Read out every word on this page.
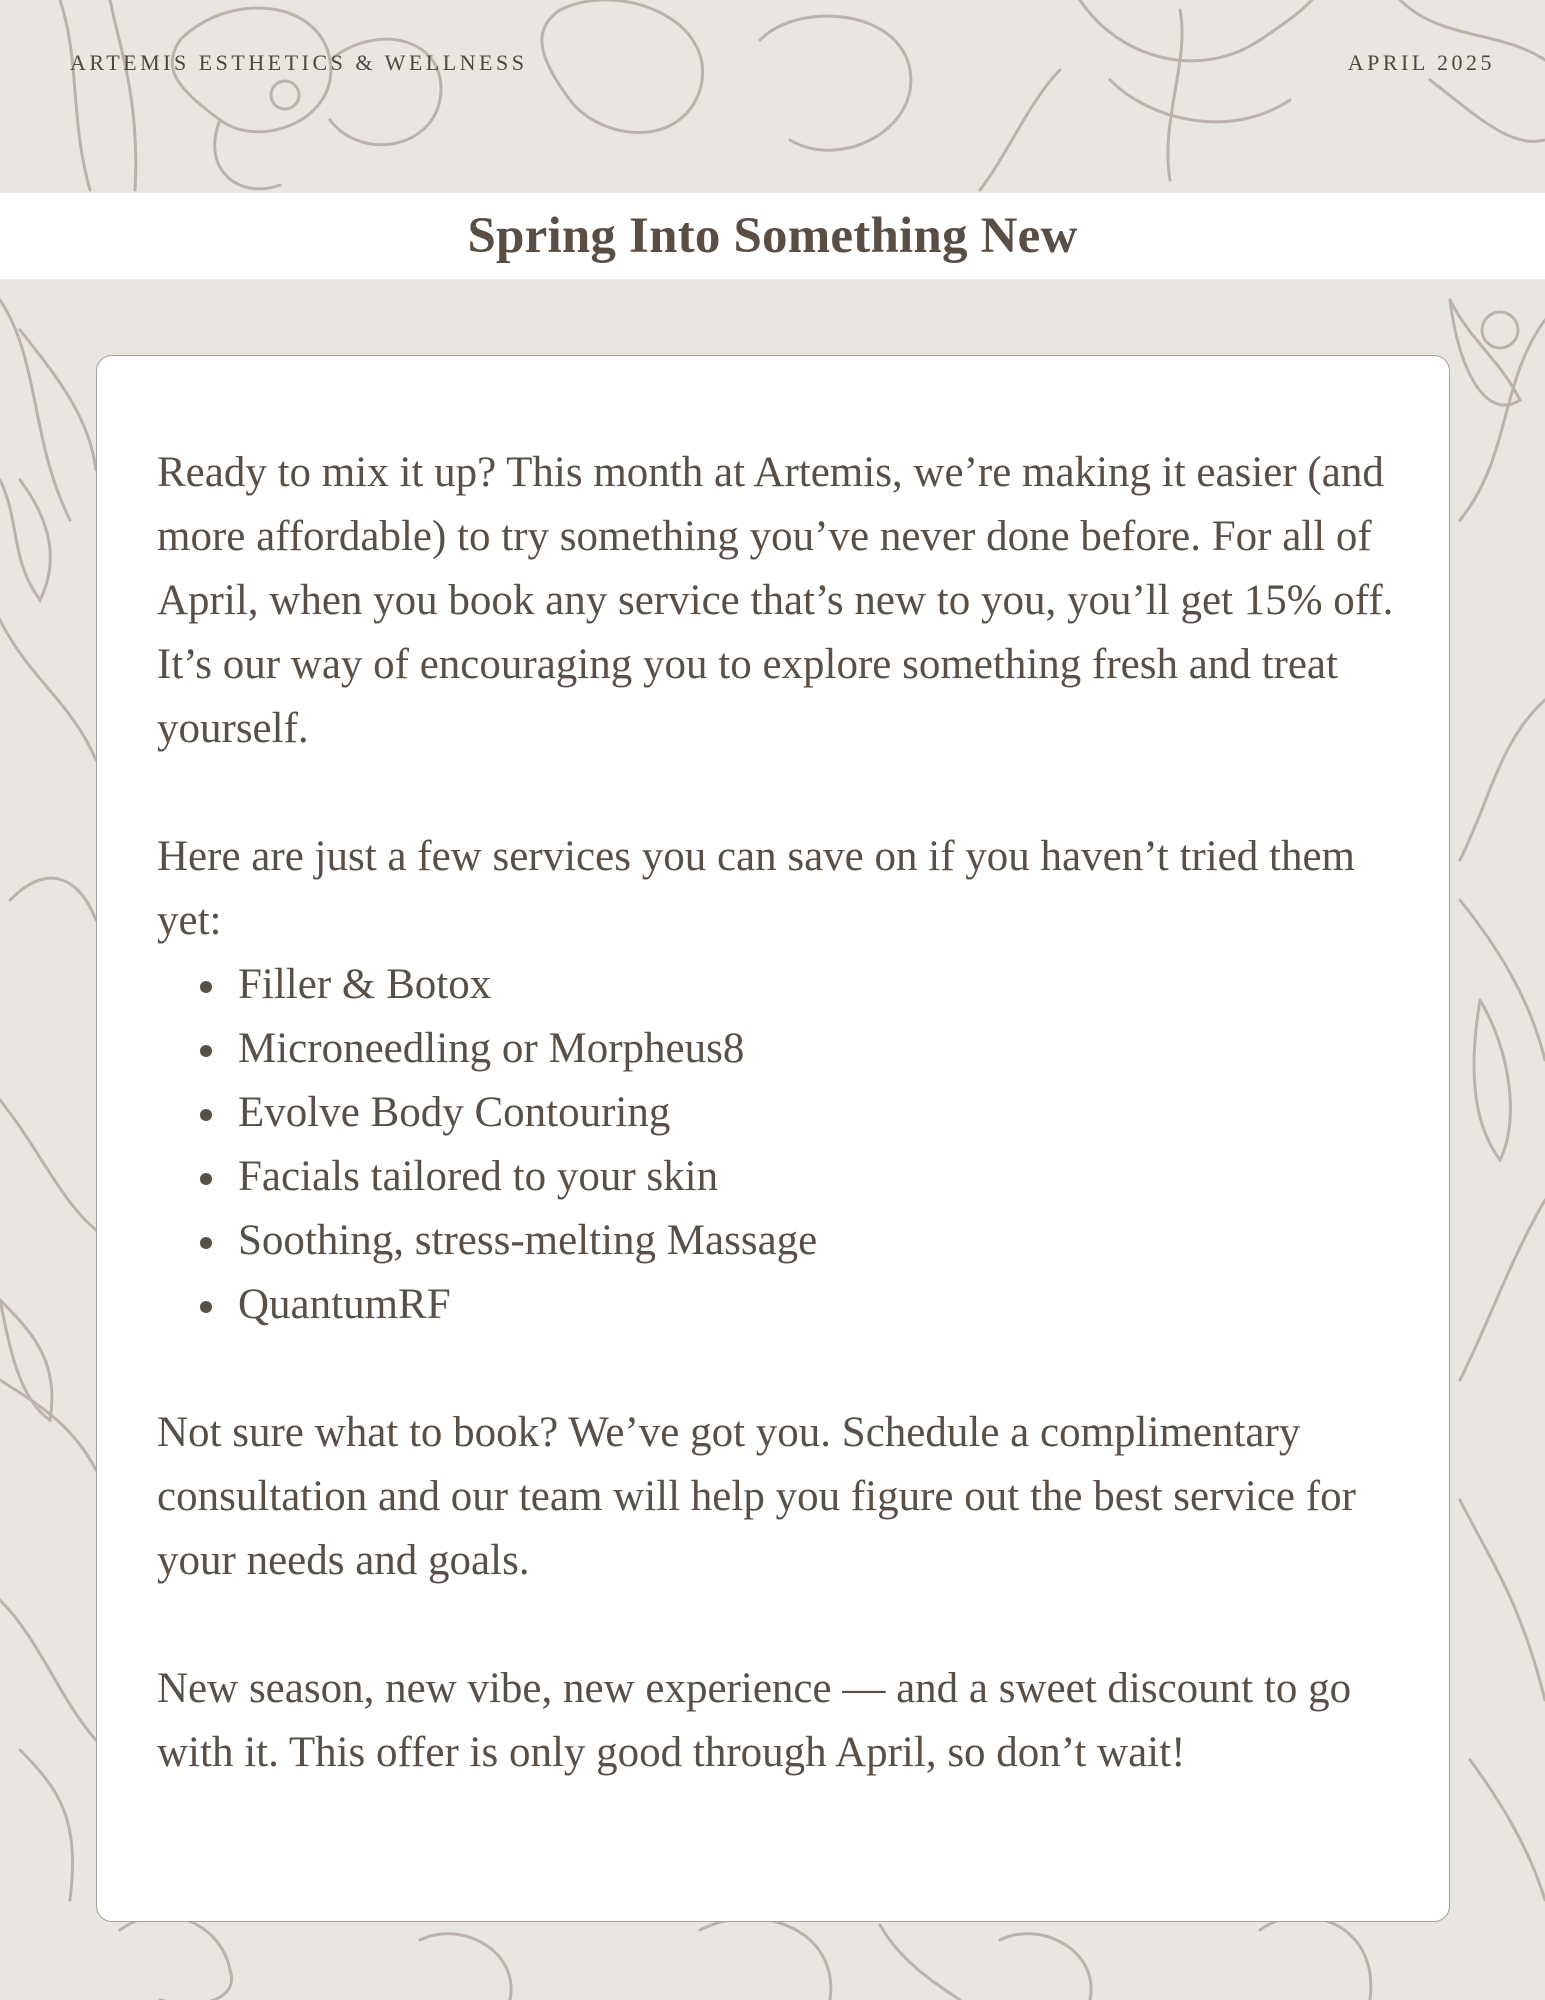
ARTEMIS ESTHETICS & WELLNESS	APRIL 2025
Spring Into Something New

Ready to mix it up? This month at Artemis, we’re making it easier (and more affordable) to try something you’ve never done before. For all of April, when you book any service that’s new to you, you’ll get 15% off. It’s our way of encouraging you to explore something fresh and treat yourself.

Here are just a few services you can save on if you haven’t tried them yet:

Filler & Botox
Microneedling or Morpheus8
Evolve Body Contouring
Facials tailored to your skin
Soothing, stress-melting Massage
QuantumRF

Not sure what to book? We’ve got you. Schedule a complimentary consultation and our team will help you figure out the best service for your needs and goals.

New season, new vibe, new experience — and a sweet discount to go with it. This offer is only good through April, so don’t wait!
